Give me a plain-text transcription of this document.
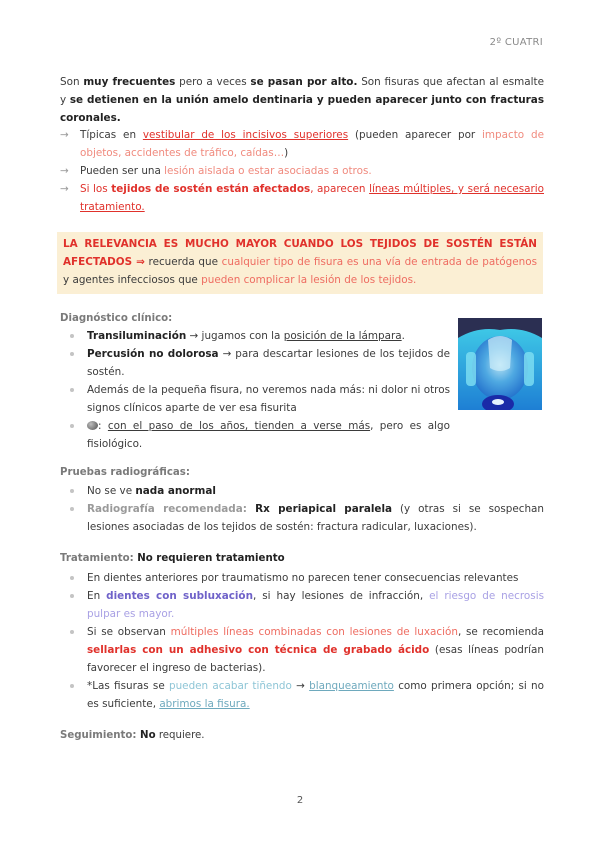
2º CUATRI
Son muy frecuentes pero a veces se pasan por alto. Son fisuras que afectan al esmalte y se detienen en la unión amelo dentinaria y pueden aparecer junto con fracturas coronales.
→ Típicas en vestibular de los incisivos superiores (pueden aparecer por impacto de objetos, accidentes de tráfico, caídas…)
→ Pueden ser una lesión aislada o estar asociadas a otros.
→ Si los tejidos de sostén están afectados, aparecen líneas múltiples, y será necesario tratamiento.
LA RELEVANCIA ES MUCHO MAYOR CUANDO LOS TEJIDOS DE SOSTÉN ESTÁN AFECTADOS ⇒ recuerda que cualquier tipo de fisura es una vía de entrada de patógenos y agentes infecciosos que pueden complicar la lesión de los tejidos.
Diagnóstico clínico:
Transiluminación → jugamos con la posición de la lámpara.
Percusión no dolorosa → para descartar lesiones de los tejidos de sostén.
Además de la pequeña fisura, no veremos nada más: ni dolor ni otros signos clínicos aparte de ver esa fisurita
: con el paso de los años, tienden a verse más, pero es algo fisiológico.
Pruebas radiográficas:
No se ve nada anormal
Radiografía recomendada: Rx periapical paralela (y otras si se sospechan lesiones asociadas de los tejidos de sostén: fractura radicular, luxaciones).
Tratamiento: No requieren tratamiento
En dientes anteriores por traumatismo no parecen tener consecuencias relevantes
En dientes con subluxación, si hay lesiones de infracción, el riesgo de necrosis pulpar es mayor.
Si se observan múltiples líneas combinadas con lesiones de luxación, se recomienda sellarlas con un adhesivo con técnica de grabado ácido (esas líneas podrían favorecer el ingreso de bacterias).
*Las fisuras se pueden acabar tiñendo → blanqueamiento como primera opción; si no es suficiente, abrimos la fisura.
Seguimiento: No requiere.
2
